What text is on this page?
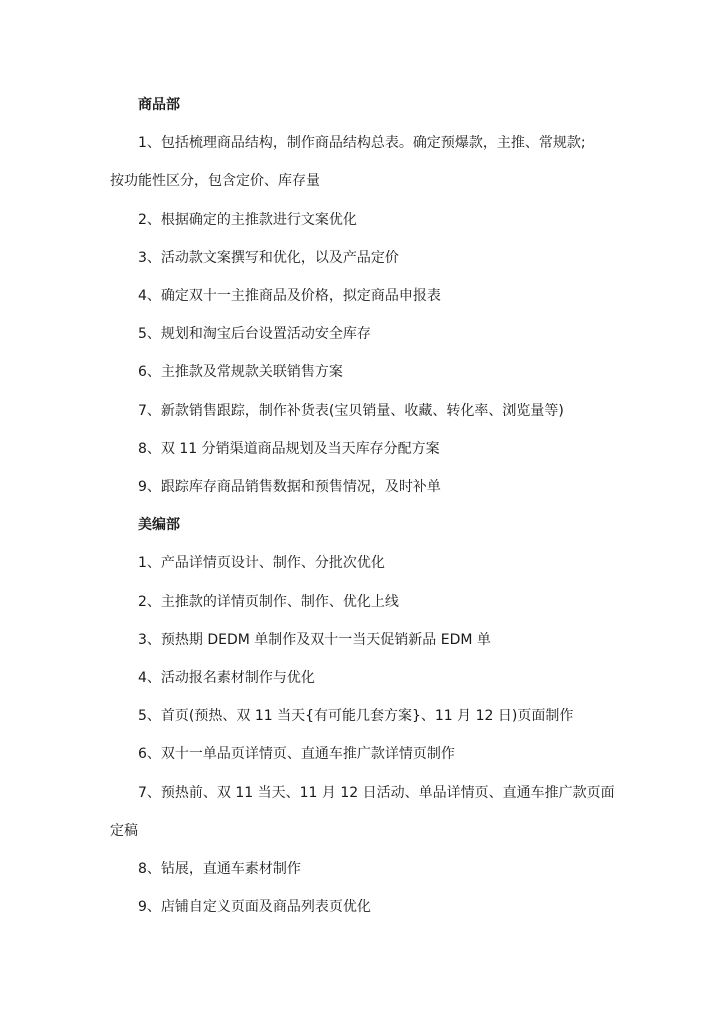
商品部
1、包括梳理商品结构，制作商品结构总表。确定预爆款，主推、常规款;
按功能性区分，包含定价、库存量
2、根据确定的主推款进行文案优化
3、活动款文案撰写和优化，以及产品定价
4、确定双十一主推商品及价格，拟定商品申报表
5、规划和淘宝后台设置活动安全库存
6、主推款及常规款关联销售方案
7、新款销售跟踪，制作补货表(宝贝销量、收藏、转化率、浏览量等)
8、双 11 分销渠道商品规划及当天库存分配方案
9、跟踪库存商品销售数据和预售情况，及时补单
美编部
1、产品详情页设计、制作、分批次优化
2、主推款的详情页制作、制作、优化上线
3、预热期 DEDM 单制作及双十一当天促销新品 EDM 单
4、活动报名素材制作与优化
5、首页(预热、双 11 当天{有可能几套方案}、11 月 12 日)页面制作
6、双十一单品页详情页、直通车推广款详情页制作
7、预热前、双 11 当天、11 月 12 日活动、单品详情页、直通车推广款页面
定稿
8、钻展，直通车素材制作
9、店铺自定义页面及商品列表页优化
